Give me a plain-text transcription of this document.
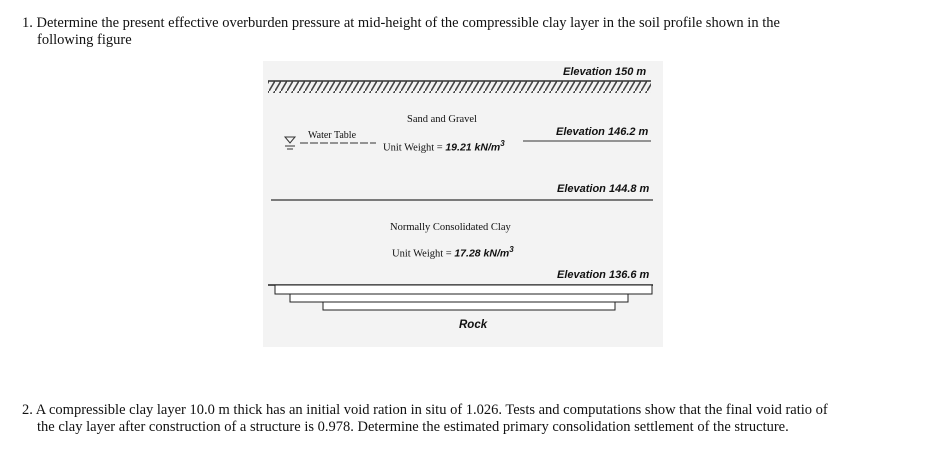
1. Determine the present effective overburden pressure at mid-height of the compressible clay layer in the soil profile shown in the
following figure
Elevation 150 m
Elevation 146.2 m
Elevation 144.8 m
Elevation 136.6 m
Sand and Gravel
Unit Weight = 19.21 $kN/m^3$
Water Table
Normally Consolidated Clay
Unit Weight = 17.28 $kN/m^3$
Rock
2. A compressible clay layer 10.0 m thick has an initial void ration in situ of 1.026. Tests and computations show that the final void ratio of
the clay layer after construction of a structure is 0.978. Determine the estimated primary consolidation settlement of the structure.
